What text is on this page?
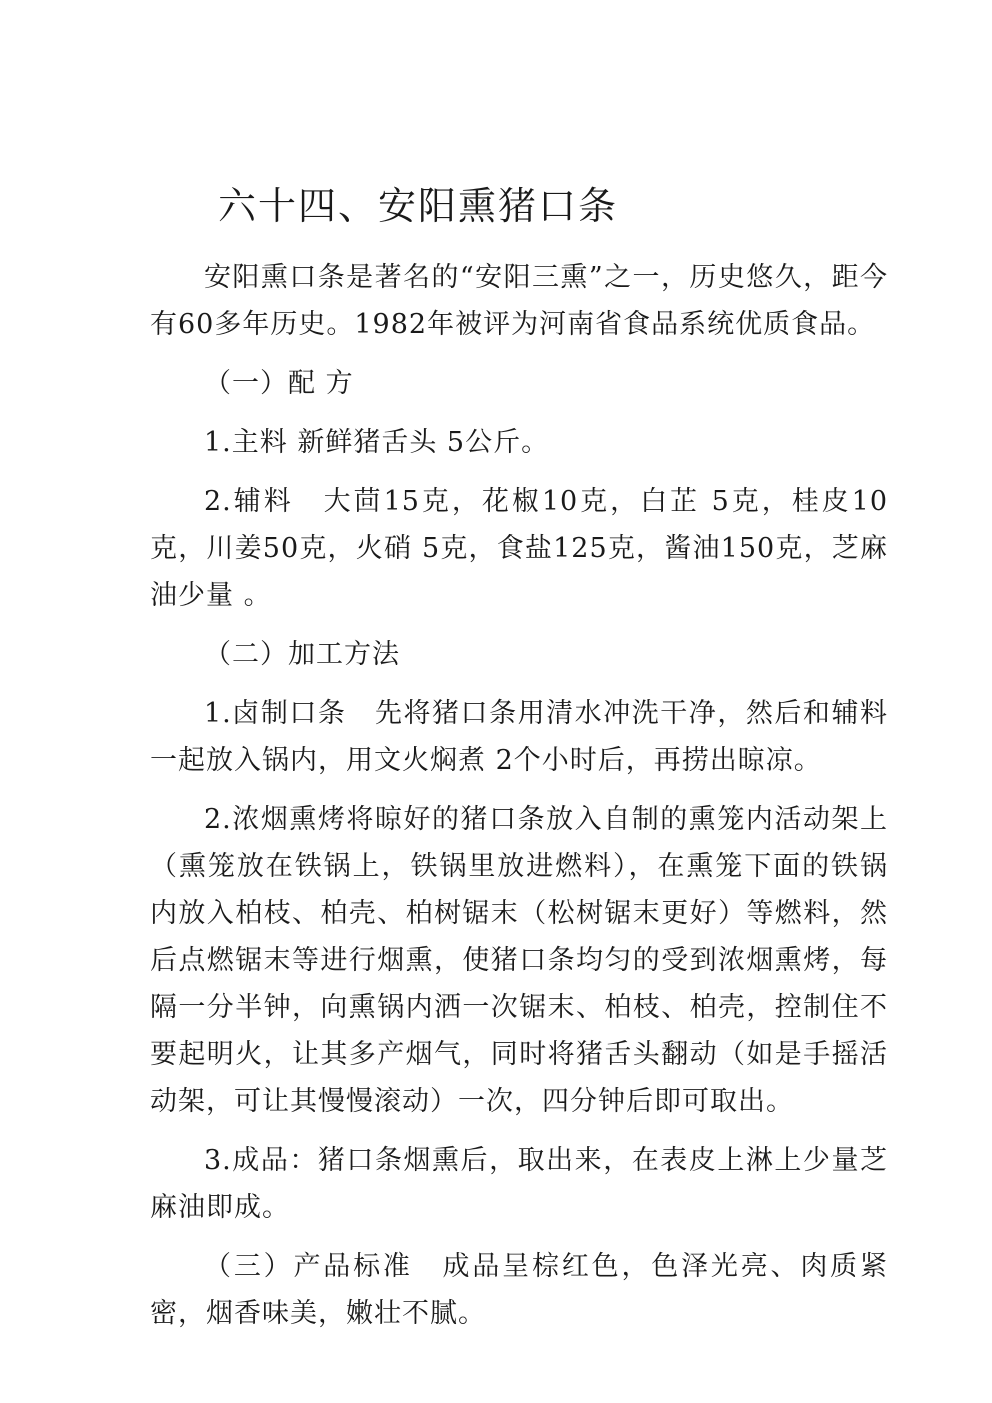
六十四、安阳熏猪口条

安阳熏口条是著名的“安阳三熏”之一，历史悠久，距今有60多年历史。1982年被评为河南省食品系统优质食品。

（一）配 方

1.主料 新鲜猪舌头 5公斤。

2.辅料　大茴15克，花椒10克，白芷 5克，桂皮10克，川姜50克，火硝 5克，食盐125克，酱油150克，芝麻油少量 。

（二）加工方法

1.卤制口条　先将猪口条用清水冲洗干净，然后和辅料一起放入锅内，用文火焖煮 2个小时后，再捞出晾凉。

2.浓烟熏烤将晾好的猪口条放入自制的熏笼内活动架上（熏笼放在铁锅上，铁锅里放进燃料），在熏笼下面的铁锅内放入柏枝、柏壳、柏树锯末（松树锯末更好）等燃料，然后点燃锯末等进行烟熏，使猪口条均匀的受到浓烟熏烤，每隔一分半钟，向熏锅内洒一次锯末、柏枝、柏壳，控制住不要起明火，让其多产烟气，同时将猪舌头翻动（如是手摇活动架，可让其慢慢滚动）一次，四分钟后即可取出。

3.成品：猪口条烟熏后，取出来，在表皮上淋上少量芝麻油即成。

（三）产品标准　成品呈棕红色，色泽光亮、肉质紧密，烟香味美，嫩壮不腻。
